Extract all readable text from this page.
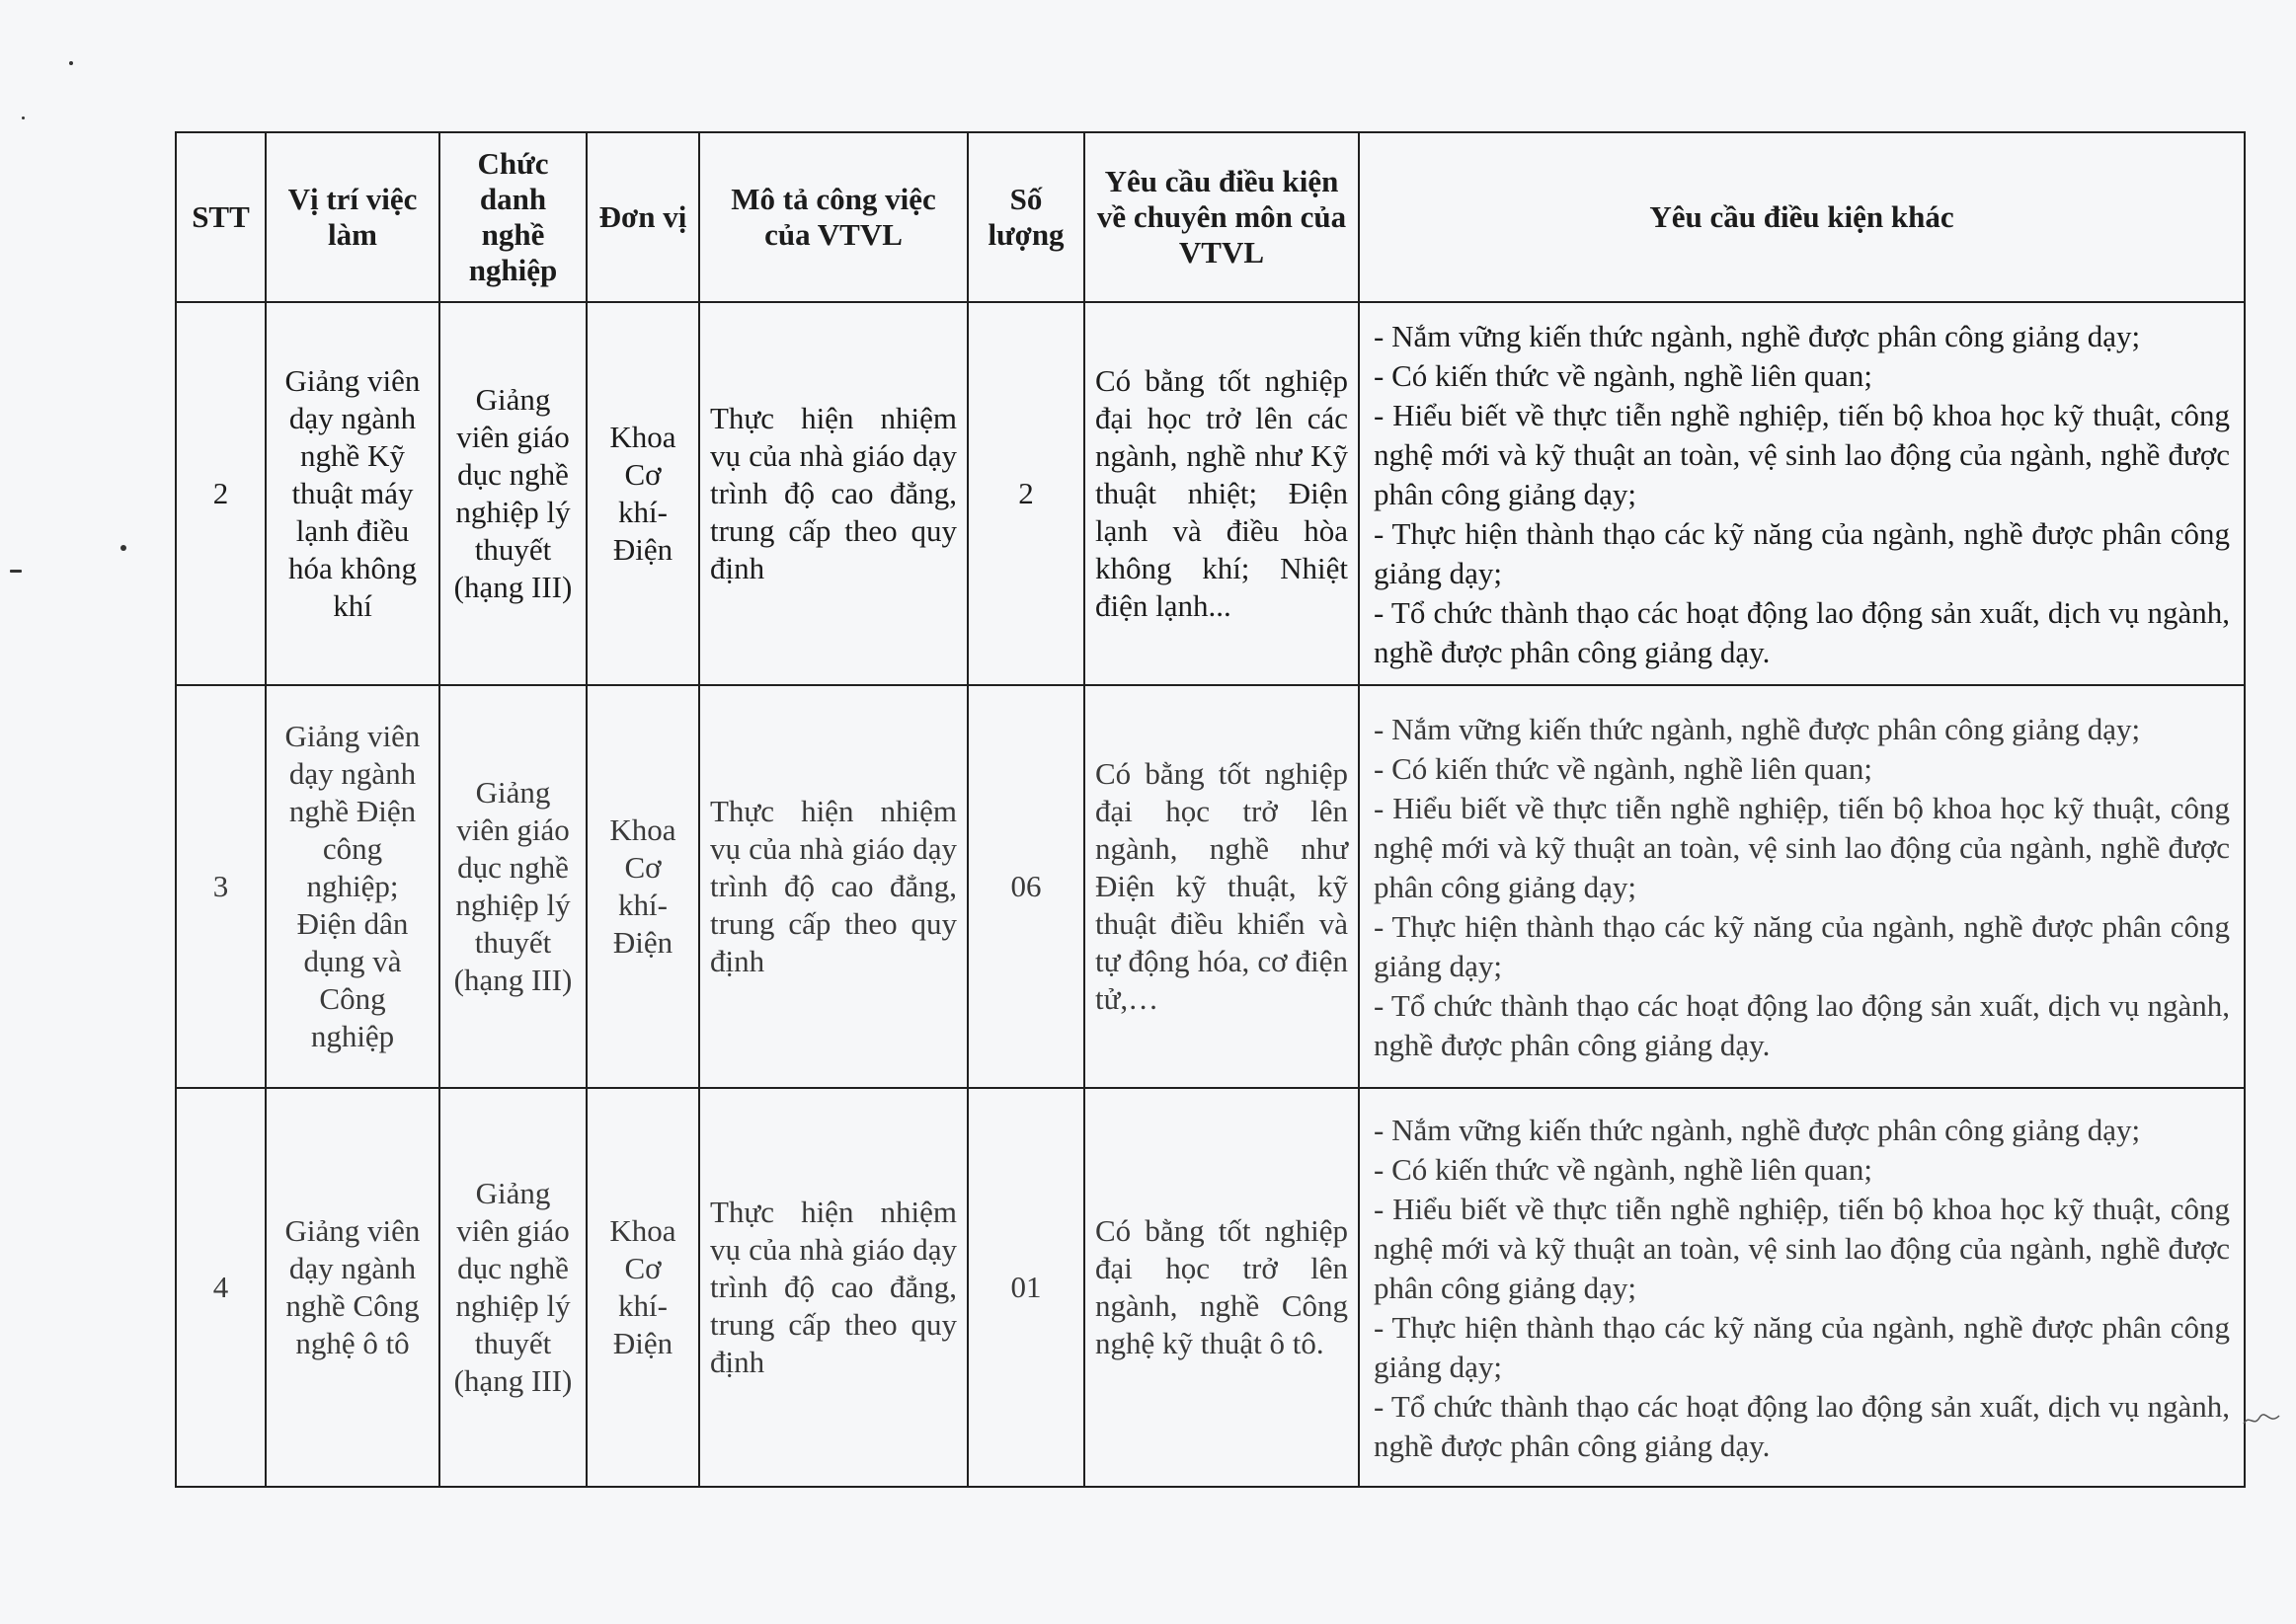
STT	Vị trí việc làm	Chức danh nghề nghiệp	Đơn vị	Mô tả công việc của VTVL	Số lượng	Yêu cầu điều kiện về chuyên môn của VTVL	Yêu cầu điều kiện khác
2	Giảng viên dạy ngành nghề Kỹ thuật máy lạnh điều hóa không khí	Giảng viên giáo dục nghề nghiệp lý thuyết (hạng III)	Khoa Cơ khí-Điện	Thực hiện nhiệm vụ của nhà giáo dạy trình độ cao đẳng, trung cấp theo quy định	2	Có bằng tốt nghiệp đại học trở lên các ngành, nghề như Kỹ thuật nhiệt; Điện lạnh và điều hòa không khí; Nhiệt điện lạnh...	- Nắm vững kiến thức ngành, nghề được phân công giảng dạy;
- Có kiến thức về ngành, nghề liên quan;
- Hiểu biết về thực tiễn nghề nghiệp, tiến bộ khoa học kỹ thuật, công nghệ mới và kỹ thuật an toàn, vệ sinh lao động của ngành, nghề được phân công giảng dạy;
- Thực hiện thành thạo các kỹ năng của ngành, nghề được phân công giảng dạy;
- Tổ chức thành thạo các hoạt động lao động sản xuất, dịch vụ ngành, nghề được phân công giảng dạy.

3	Giảng viên dạy ngành nghề Điện công nghiệp; Điện dân dụng và Công nghiệp	Giảng viên giáo dục nghề nghiệp lý thuyết (hạng III)	Khoa Cơ khí-Điện	Thực hiện nhiệm vụ của nhà giáo dạy trình độ cao đẳng, trung cấp theo quy định	06	Có bằng tốt nghiệp đại học trở lên ngành, nghề như Điện kỹ thuật, kỹ thuật điều khiển và tự động hóa, cơ điện tử,…	- Nắm vững kiến thức ngành, nghề được phân công giảng dạy;
- Có kiến thức về ngành, nghề liên quan;
- Hiểu biết về thực tiễn nghề nghiệp, tiến bộ khoa học kỹ thuật, công nghệ mới và kỹ thuật an toàn, vệ sinh lao động của ngành, nghề được phân công giảng dạy;
- Thực hiện thành thạo các kỹ năng của ngành, nghề được phân công giảng dạy;
- Tổ chức thành thạo các hoạt động lao động sản xuất, dịch vụ ngành, nghề được phân công giảng dạy.

4	Giảng viên dạy ngành nghề Công nghệ ô tô	Giảng viên giáo dục nghề nghiệp lý thuyết (hạng III)	Khoa Cơ khí-Điện	Thực hiện nhiệm vụ của nhà giáo dạy trình độ cao đẳng, trung cấp theo quy định	01	Có bằng tốt nghiệp đại học trở lên ngành, nghề Công nghệ kỹ thuật ô tô.	- Nắm vững kiến thức ngành, nghề được phân công giảng dạy;
- Có kiến thức về ngành, nghề liên quan;
- Hiểu biết về thực tiễn nghề nghiệp, tiến bộ khoa học kỹ thuật, công nghệ mới và kỹ thuật an toàn, vệ sinh lao động của ngành, nghề được phân công giảng dạy;
- Thực hiện thành thạo các kỹ năng của ngành, nghề được phân công giảng dạy;
- Tổ chức thành thạo các hoạt động lao động sản xuất, dịch vụ ngành, nghề được phân công giảng dạy.
